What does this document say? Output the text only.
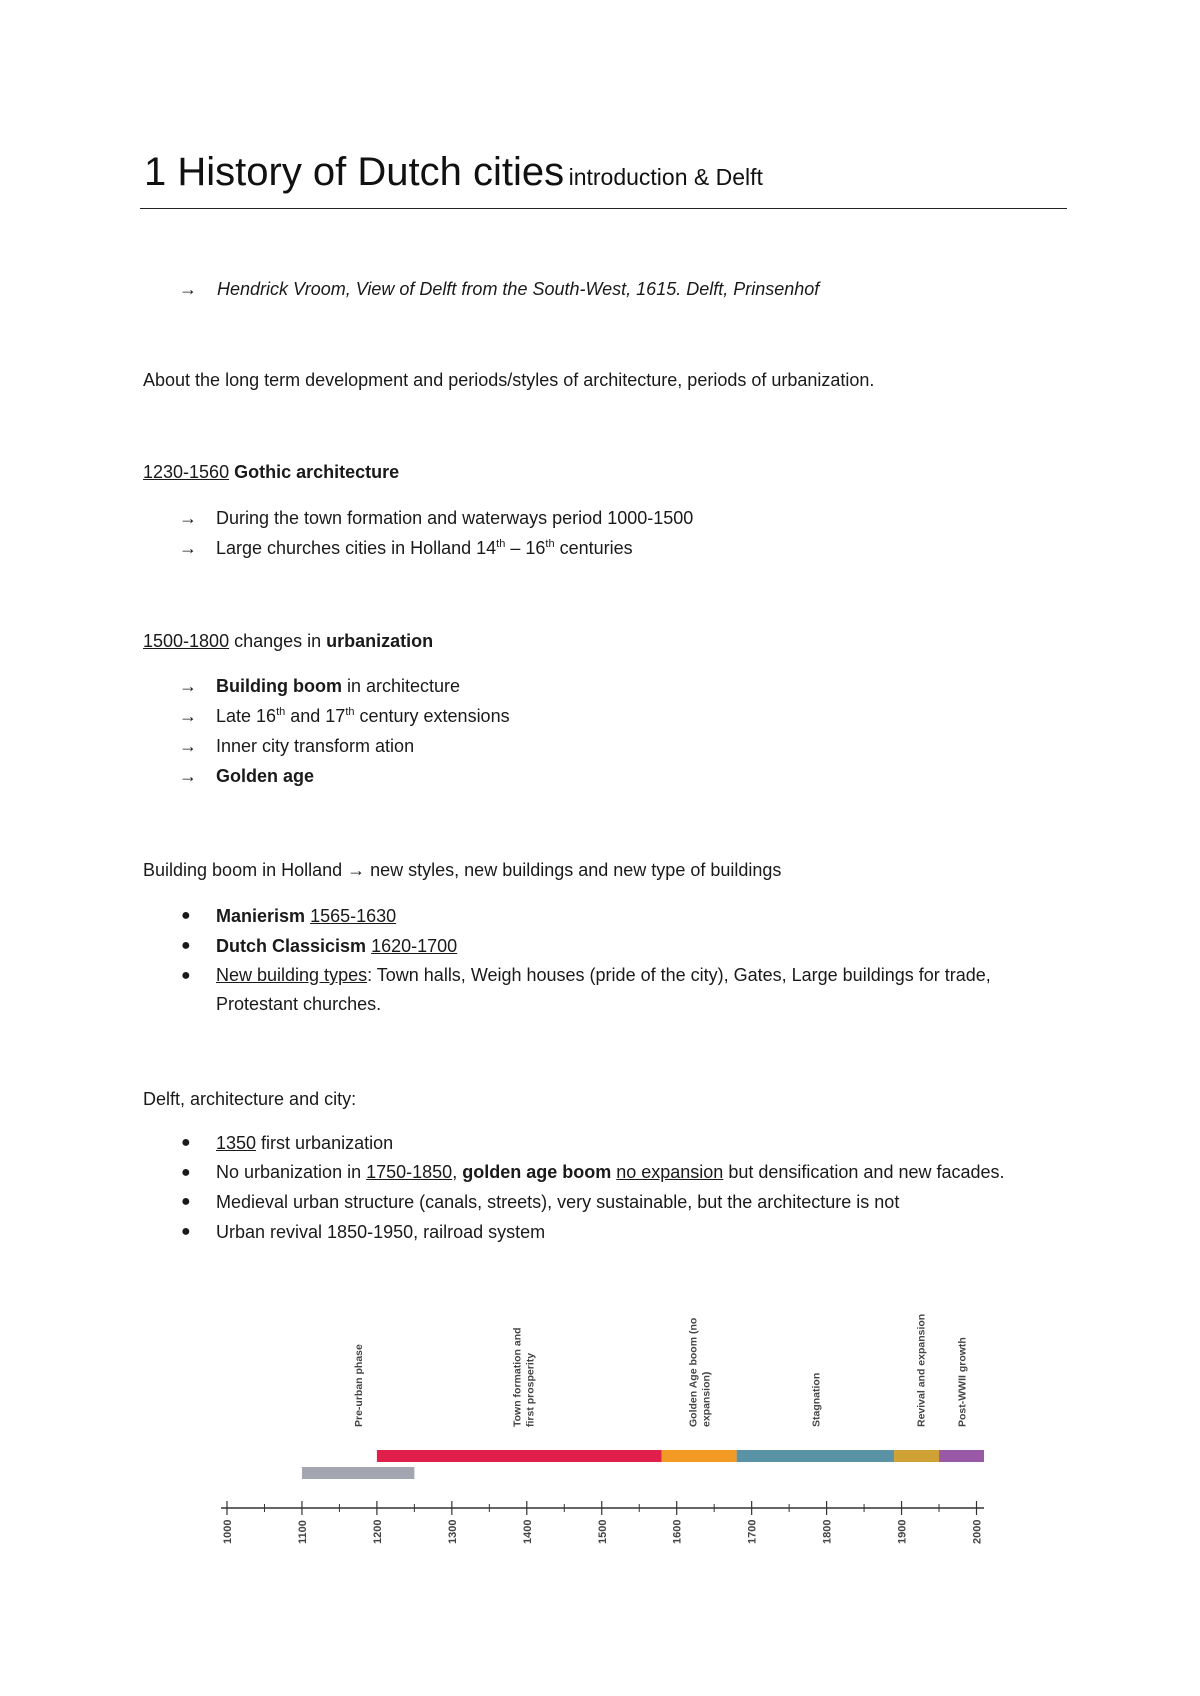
1 History of Dutch cities introduction & Delft
→ Hendrick Vroom, View of Delft from the South-West, 1615. Delft, Prinsenhof
About the long term development and periods/styles of architecture, periods of urbanization.
1230-1560 Gothic architecture
→ During the town formation and waterways period 1000-1500
→ Large churches cities in Holland 14th – 16th centuries
1500-1800 changes in urbanization
→ Building boom in architecture
→ Late 16th and 17th century extensions
→ Inner city transform ation
→ Golden age
Building boom in Holland → new styles, new buildings and new type of buildings
● Manierism 1565-1630
● Dutch Classicism 1620-1700
● New building types: Town halls, Weigh houses (pride of the city), Gates, Large buildings for trade, Protestant churches.
Delft, architecture and city:
● 1350 first urbanization
● No urbanization in 1750-1850, golden age boom no expansion but densification and new facades.
● Medieval urban structure (canals, streets), very sustainable, but the architecture is not
● Urban revival 1850-1950, railroad system
1000	1100	1200	1300	1400	1500	1600	1700	1800	1900	2000
Pre-urban phase	Town formation and first prosperity	Golden Age boom (no expansion)	Stagnation	Revival and expansion	Post-WWII growth
